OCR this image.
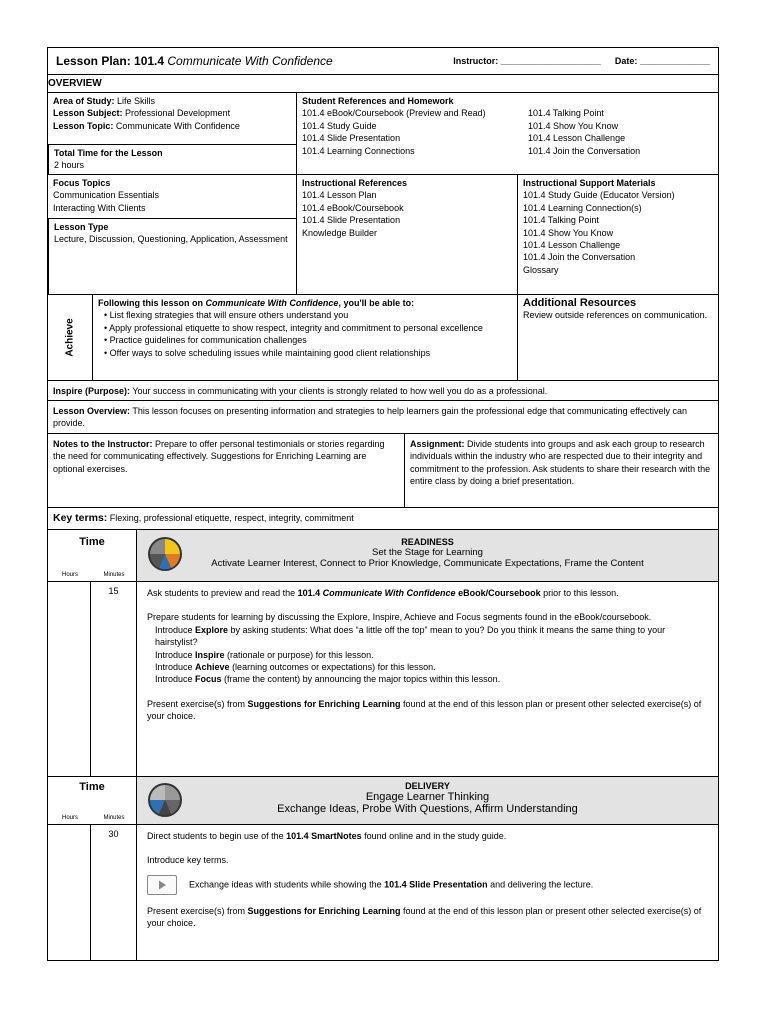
Lesson Plan: 101.4 Communicate With Confidence	Instructor: ____________________ Date: ______________
OVERVIEW
Area of Study: Life Skills
Lesson Subject: Professional Development
Lesson Topic: Communicate With Confidence
Total Time for the Lesson
2 hours
Student References and Homework
101.4 eBook/Coursebook (Preview and Read)
101.4 Study Guide
101.4 Slide Presentation
101.4 Learning Connections
101.4 Talking Point
101.4 Show You Know
101.4 Lesson Challenge
101.4 Join the Conversation
Focus Topics
Communication Essentials
Interacting With Clients
Lesson Type
Lecture, Discussion, Questioning, Application, Assessment
Instructional References
101.4 Lesson Plan
101.4 eBook/Coursebook
101.4 Slide Presentation
Knowledge Builder
Instructional Support Materials
101.4 Study Guide (Educator Version)
101.4 Learning Connection(s)
101.4 Talking Point
101.4 Show You Know
101.4 Lesson Challenge
101.4 Join the Conversation
Glossary
Achieve
Following this lesson on Communicate With Confidence, you'll be able to:
• List flexing strategies that will ensure others understand you
• Apply professional etiquette to show respect, integrity and commitment to personal excellence
• Practice guidelines for communication challenges
• Offer ways to solve scheduling issues while maintaining good client relationships
Additional Resources
Review outside references on communication.
Inspire (Purpose): Your success in communicating with your clients is strongly related to how well you do as a professional.
Lesson Overview: This lesson focuses on presenting information and strategies to help learners gain the professional edge that communicating effectively can provide.
Notes to the Instructor: Prepare to offer personal testimonials or stories regarding the need for communicating effectively. Suggestions for Enriching Learning are optional exercises.
Assignment: Divide students into groups and ask each group to research individuals within the industry who are respected due to their integrity and commitment to the profession. Ask students to share their research with the entire class by doing a brief presentation.
Key terms: Flexing, professional etiquette, respect, integrity, commitment
Time
Hours	Minutes
READINESS
Set the Stage for Learning
Activate Learner Interest, Connect to Prior Knowledge, Communicate Expectations, Frame the Content
15	Ask students to preview and read the 101.4 Communicate With Confidence eBook/Coursebook prior to this lesson.

Prepare students for learning by discussing the Explore, Inspire, Achieve and Focus segments found in the eBook/coursebook.

Introduce Explore by asking students: What does “a little off the top” mean to you? Do you think it means the same thing to your hairstylist?

Introduce Inspire (rationale or purpose) for this lesson.

Introduce Achieve (learning outcomes or expectations) for this lesson.

Introduce Focus (frame the content) by announcing the major topics within this lesson.

Present exercise(s) from Suggestions for Enriching Learning found at the end of this lesson plan or present other selected exercise(s) of your choice.

Time
Hours	Minutes
DELIVERY
Engage Learner Thinking
Exchange Ideas, Probe With Questions, Affirm Understanding
30	Direct students to begin use of the 101.4 SmartNotes found online and in the study guide.

Introduce key terms.

Exchange ideas with students while showing the 101.4 Slide Presentation and delivering the lecture.

Present exercise(s) from Suggestions for Enriching Learning found at the end of this lesson plan or present other selected exercise(s) of your choice.
